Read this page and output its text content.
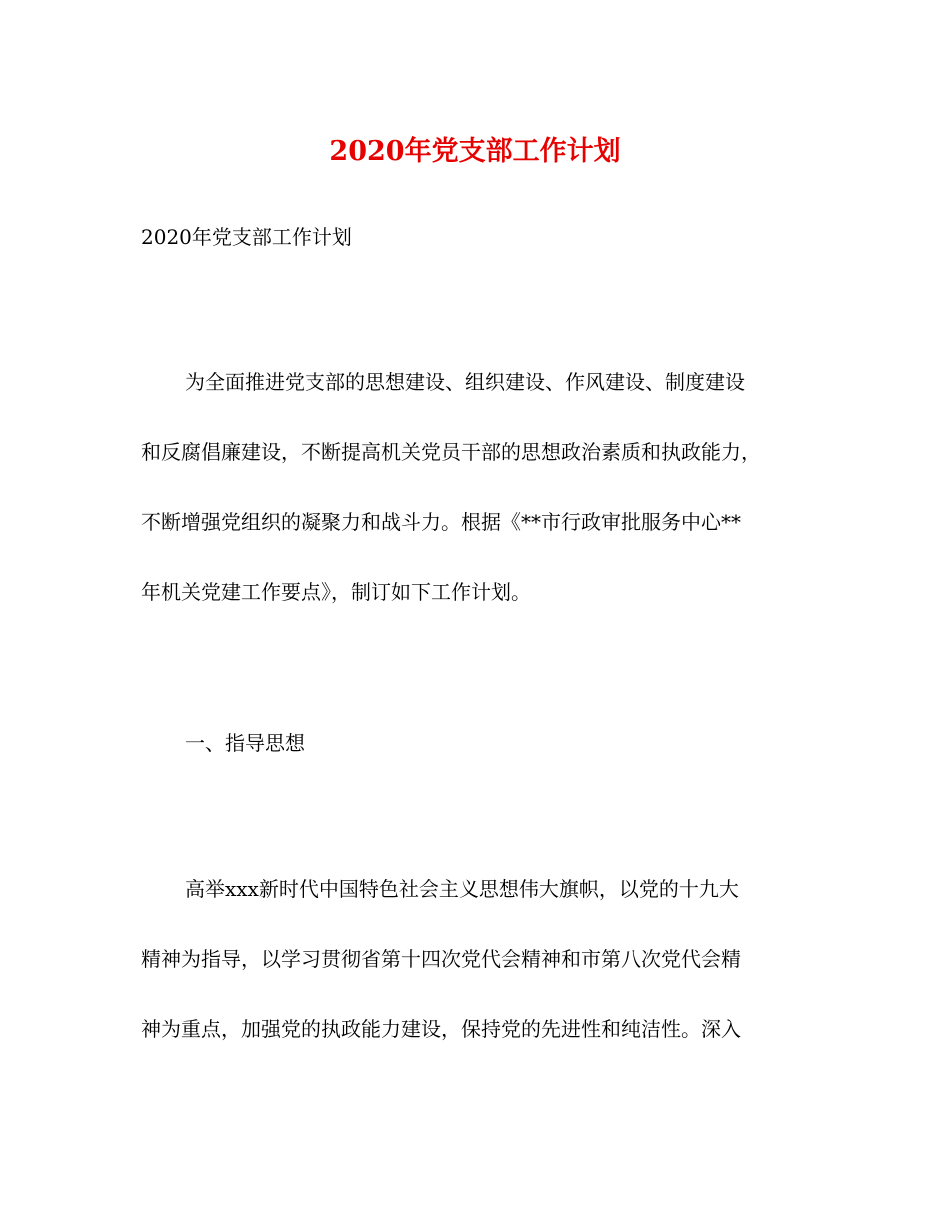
2020年党支部工作计划

2020年党支部工作计划

为全面推进党支部的思想建设、组织建设、作风建设、制度建设

和反腐倡廉建设，不断提高机关党员干部的思想政治素质和执政能力，

不断增强党组织的凝聚力和战斗力。根据《**市行政审批服务中心**

年机关党建工作要点》，制订如下工作计划。

一、指导思想

高举xxx新时代中国特色社会主义思想伟大旗帜，以党的十九大

精神为指导，以学习贯彻省第十四次党代会精神和市第八次党代会精

神为重点，加强党的执政能力建设，保持党的先进性和纯洁性。深入
